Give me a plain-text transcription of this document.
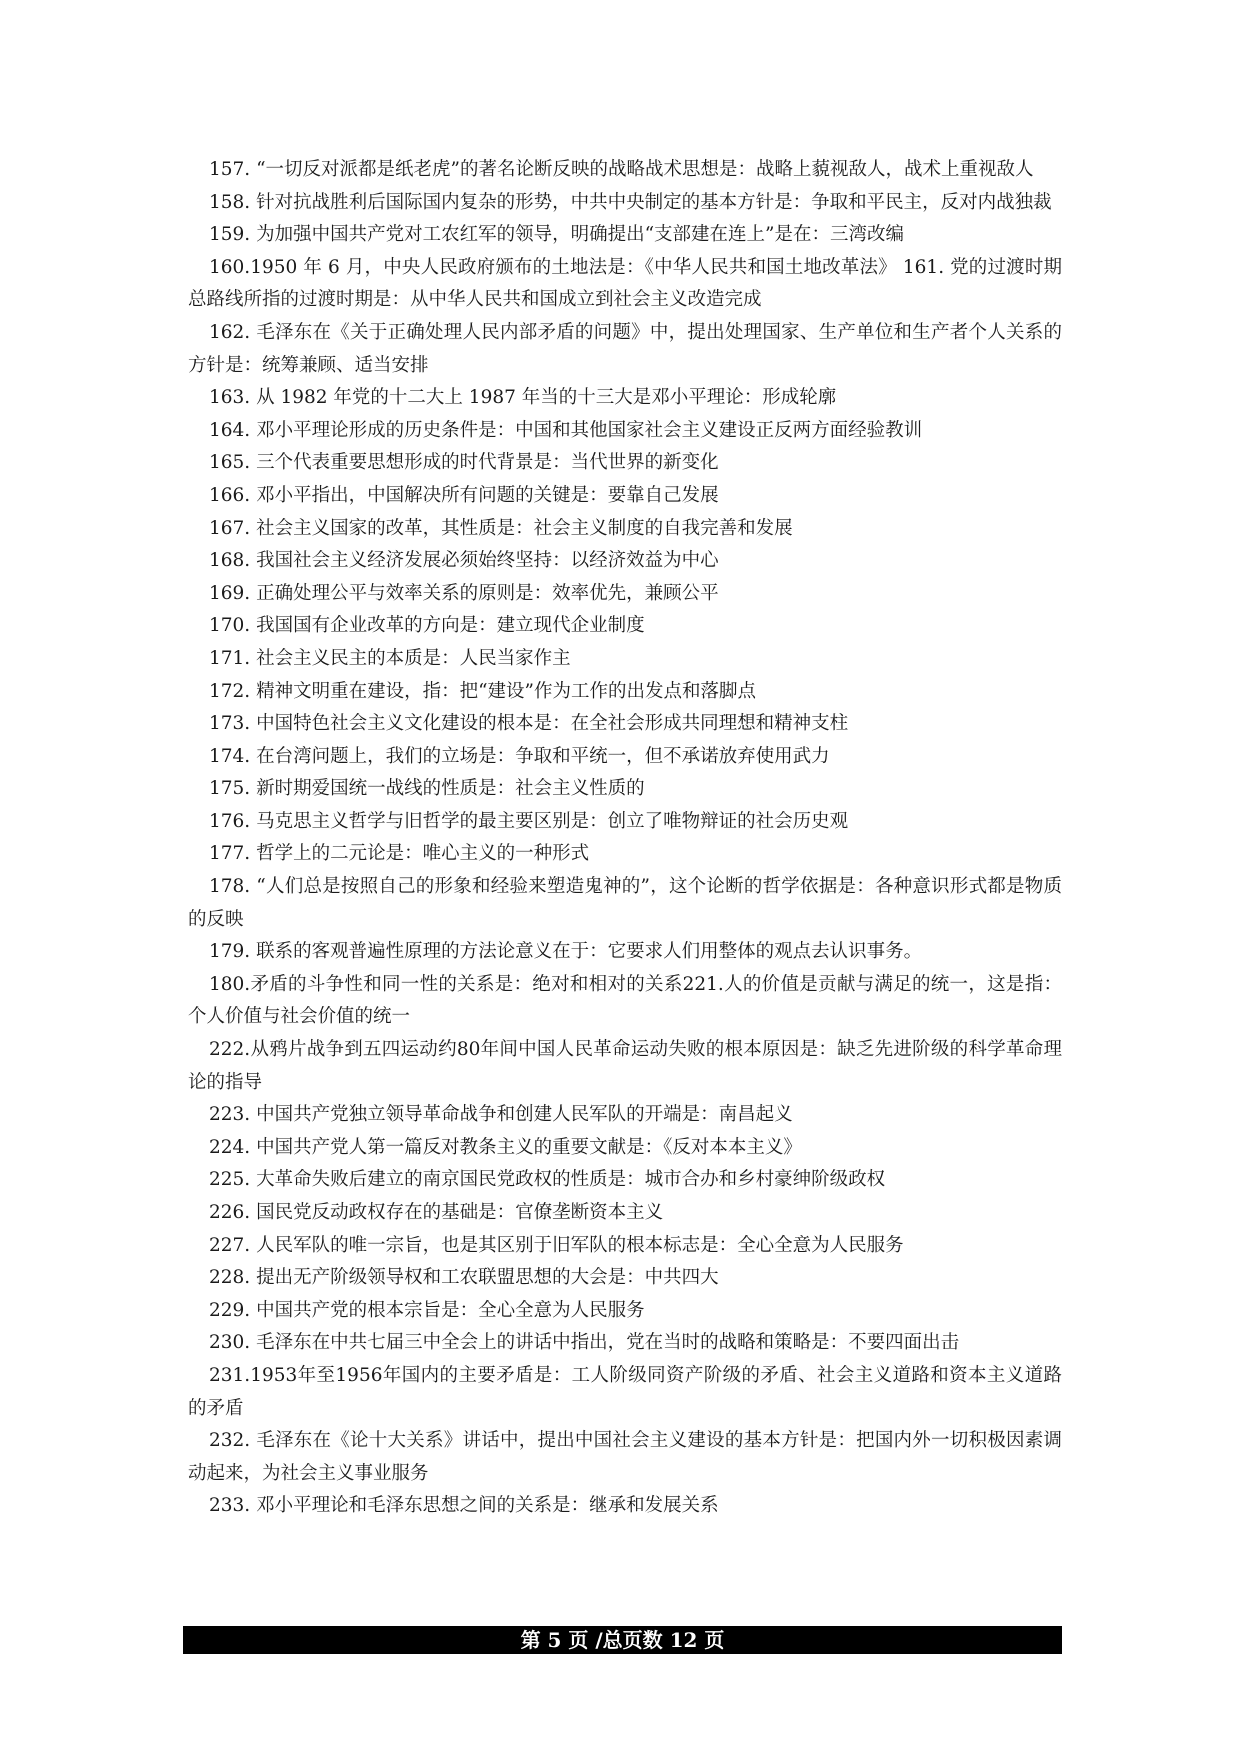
157. “一切反对派都是纸老虎”的著名论断反映的战略战术思想是：战略上藐视敌人，战术上重视敌人

158. 针对抗战胜利后国际国内复杂的形势，中共中央制定的基本方针是：争取和平民主，反对内战独裁

159. 为加强中国共产党对工农红军的领导，明确提出“支部建在连上”是在：三湾改编

160.1950 年 6 月，中央人民政府颁布的土地法是：《中华人民共和国土地改革法》 161. 党的过渡时期总路线所指的过渡时期是：从中华人民共和国成立到社会主义改造完成

162. 毛泽东在《关于正确处理人民内部矛盾的问题》中，提出处理国家、生产单位和生产者个人关系的方针是：统筹兼顾、适当安排

163. 从 1982 年党的十二大上 1987 年当的十三大是邓小平理论：形成轮廓

164. 邓小平理论形成的历史条件是：中国和其他国家社会主义建设正反两方面经验教训

165. 三个代表重要思想形成的时代背景是：当代世界的新变化

166. 邓小平指出，中国解决所有问题的关键是：要靠自己发展

167. 社会主义国家的改革，其性质是：社会主义制度的自我完善和发展

168. 我国社会主义经济发展必须始终坚持：以经济效益为中心

169. 正确处理公平与效率关系的原则是：效率优先，兼顾公平

170. 我国国有企业改革的方向是：建立现代企业制度

171. 社会主义民主的本质是：人民当家作主

172. 精神文明重在建设，指：把“建设”作为工作的出发点和落脚点

173. 中国特色社会主义文化建设的根本是：在全社会形成共同理想和精神支柱

174. 在台湾问题上，我们的立场是：争取和平统一，但不承诺放弃使用武力

175. 新时期爱国统一战线的性质是：社会主义性质的

176. 马克思主义哲学与旧哲学的最主要区别是：创立了唯物辩证的社会历史观

177. 哲学上的二元论是：唯心主义的一种形式

178. “人们总是按照自己的形象和经验来塑造鬼神的”，这个论断的哲学依据是：各种意识形式都是物质的反映

179. 联系的客观普遍性原理的方法论意义在于：它要求人们用整体的观点去认识事务。

180.矛盾的斗争性和同一性的关系是：绝对和相对的关系221.人的价值是贡献与满足的统一，这是指：个人价值与社会价值的统一

222.从鸦片战争到五四运动约80年间中国人民革命运动失败的根本原因是：缺乏先进阶级的科学革命理论的指导

223. 中国共产党独立领导革命战争和创建人民军队的开端是：南昌起义

224. 中国共产党人第一篇反对教条主义的重要文献是：《反对本本主义》

225. 大革命失败后建立的南京国民党政权的性质是：城市合办和乡村豪绅阶级政权

226. 国民党反动政权存在的基础是：官僚垄断资本主义

227. 人民军队的唯一宗旨，也是其区别于旧军队的根本标志是：全心全意为人民服务

228. 提出无产阶级领导权和工农联盟思想的大会是：中共四大

229. 中国共产党的根本宗旨是：全心全意为人民服务

230. 毛泽东在中共七届三中全会上的讲话中指出，党在当时的战略和策略是：不要四面出击

231.1953年至1956年国内的主要矛盾是：工人阶级同资产阶级的矛盾、社会主义道路和资本主义道路的矛盾

232. 毛泽东在《论十大关系》讲话中，提出中国社会主义建设的基本方针是：把国内外一切积极因素调动起来，为社会主义事业服务

233. 邓小平理论和毛泽东思想之间的关系是：继承和发展关系

第 5 页 /总页数 12 页
